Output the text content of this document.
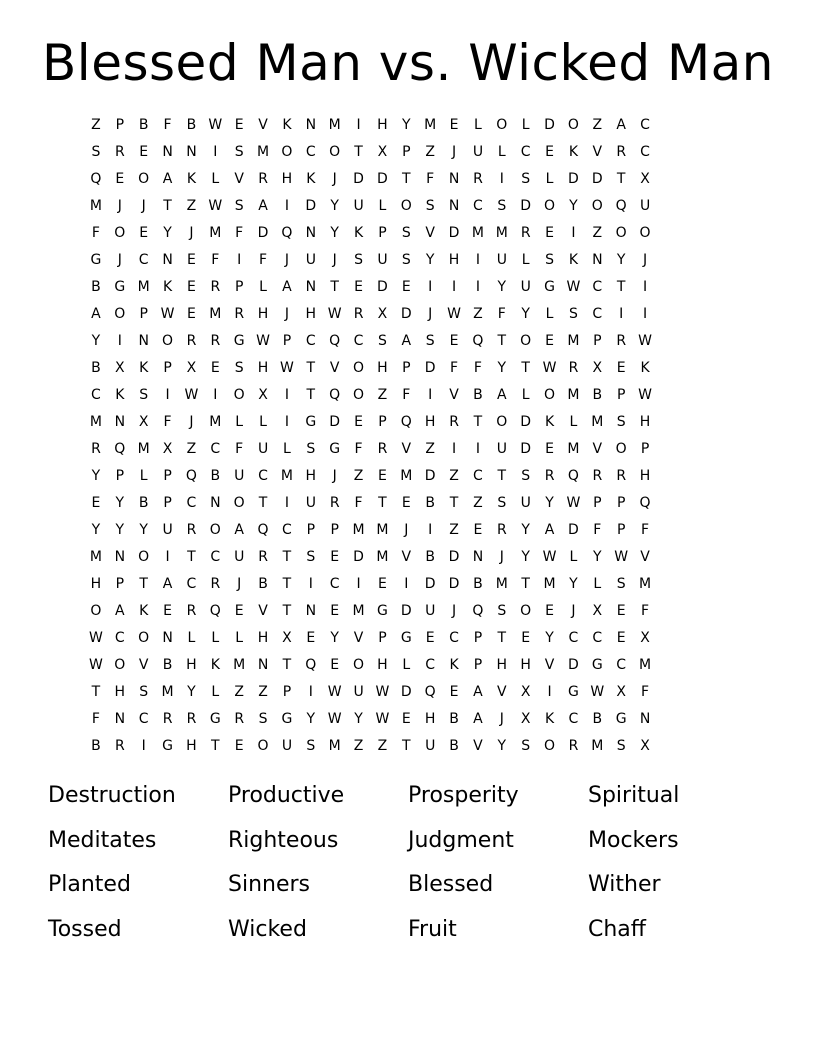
Blessed Man vs. Wicked Man
Z	P	B	F	B W E	V	K	N M	I	H	Y M E	L	O	L	D O Z	A	C
S	R	E	N N	I	S M O C O	T	X	P	Z	J	U	L	C	E	K	V	R	C
Q E O A	K	L	V	R H	K	J	D D	T	F	N R	I	S	L	D D	T	X
M	J	J	T	Z W S	A	I	D	Y	U	L	O S	N C	S	D O	Y	O Q U
F	O E	Y	J	M F	D Q N	Y	K	P	S	V D M M R	E	I	Z O O
G	J	C N	E	F	I	F	J	U	J	S	U	S	Y	H	I	U	L	S	K	N	Y	J
B G M K	E	R	P	L	A N	T	E	D	E	I	I	I	Y	U G W C	T	I
A O	P W E M R H	J	H W R	X D	J	W Z	F	Y	L	S	C	I	I
Y	I	N O R	R G W P	C Q C	S	A	S	E Q	T	O E M P	R W
B	X	K	P	X	E	S	H W T	V O H	P	D	F	F	Y	T W R	X	E	K
C	K	S	I	W	I	O X	I	T	Q O Z	F	I	V	B	A	L	O M B	P W
M N X	F	J	M L	L	I	G D	E	P	Q H R	T	O D K	L M S	H
R Q M X	Z	C	F	U	L	S	G	F	R	V	Z	I	I	U D	E M V O	P
Y	P	L	P	Q B U C M H	J	Z	E M D Z	C	T	S	R Q R	R H
E	Y	B	P	C N O	T	I	U R	F	T	E	B	T	Z	S	U	Y W P	P	Q
Y	Y	Y	U R O A Q C	P	P M M	J	I	Z	E	R	Y	A D	F	P	F
M N O	I	T	C U R	T	S	E	D M V	B D N	J	Y W L	Y W V
H	P	T	A	C	R	J	B	T	I	C	I	E	I	D D B M T M Y	L	S M
O A	K	E	R Q E	V	T	N	E M G D U	J	Q S O E	J	X	E	F
W C O N	L	L	L	H X	E	Y	V	P	G	E	C	P	T	E	Y	C	C	E	X
W O V	B H	K M N	T	Q E O H	L	C	K	P	H H V D G C M
T	H	S M Y	L	Z	Z	P	I	W U W D Q E	A	V	X	I	G W X	F
F	N C	R	R G R	S	G	Y W Y W E	H B	A	J	X	K	C	B G N
B	R	I	G H	T	E O U	S M Z	Z	T	U B	V	Y	S O R M S	X
Destruction	Productive	Prosperity	Spiritual
Meditates	Righteous	Judgment	Mockers
Planted	Sinners	Blessed	Wither
Tossed	Wicked	Fruit	Chaff
